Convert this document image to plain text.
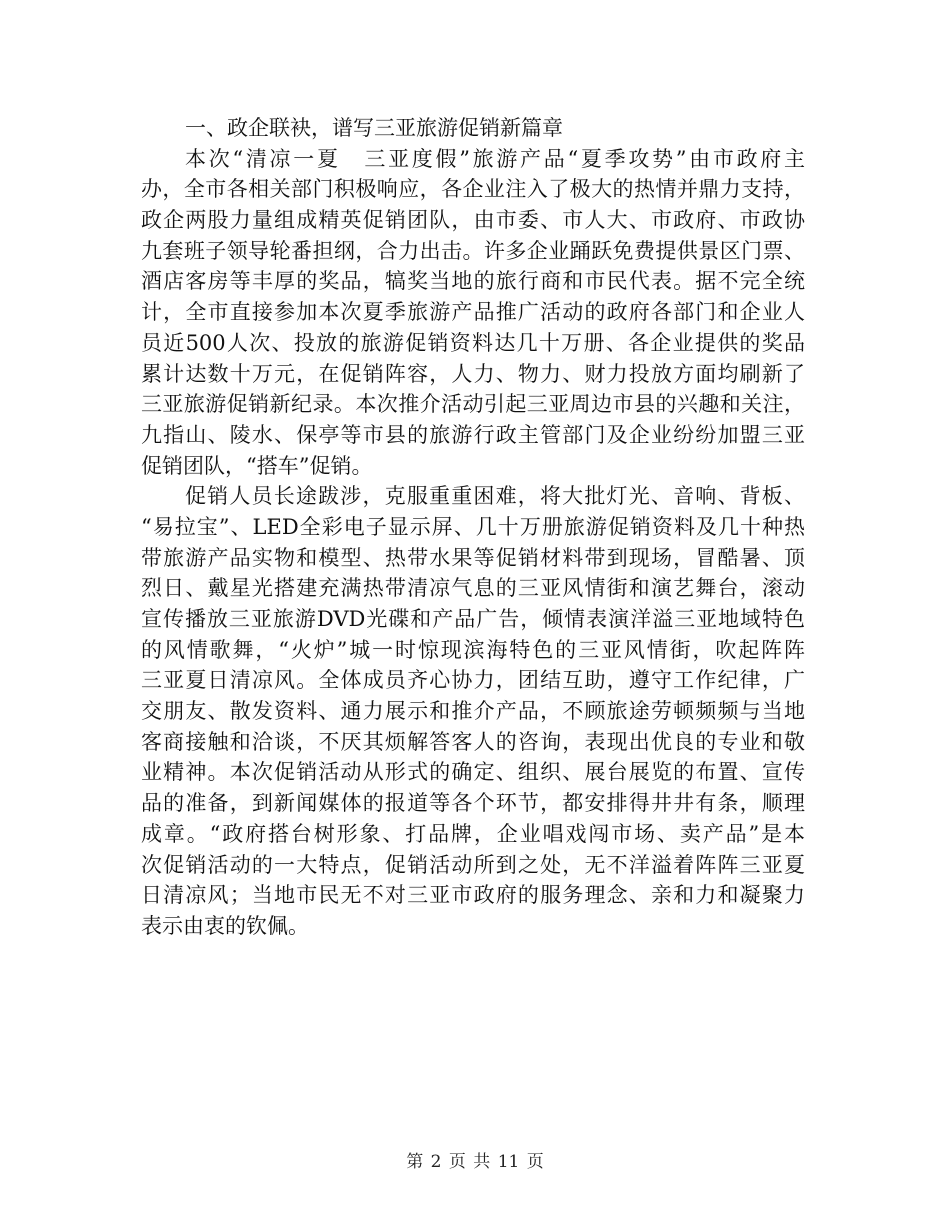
一、政企联袂，谱写三亚旅游促销新篇章
本次“清凉一夏　三亚度假”旅游产品“夏季攻势”由市政府主
办，全市各相关部门积极响应，各企业注入了极大的热情并鼎力支持，
政企两股力量组成精英促销团队，由市委、市人大、市政府、市政协
九套班子领导轮番担纲，合力出击。许多企业踊跃免费提供景区门票、
酒店客房等丰厚的奖品，犒奖当地的旅行商和市民代表。据不完全统
计，全市直接参加本次夏季旅游产品推广活动的政府各部门和企业人
员近500人次、投放的旅游促销资料达几十万册、各企业提供的奖品
累计达数十万元，在促销阵容，人力、物力、财力投放方面均刷新了
三亚旅游促销新纪录。本次推介活动引起三亚周边市县的兴趣和关注，
九指山、陵水、保亭等市县的旅游行政主管部门及企业纷纷加盟三亚
促销团队，“搭车”促销。
促销人员长途跋涉，克服重重困难，将大批灯光、音响、背板、
“易拉宝”、LED全彩电子显示屏、几十万册旅游促销资料及几十种热
带旅游产品实物和模型、热带水果等促销材料带到现场，冒酷暑、顶
烈日、戴星光搭建充满热带清凉气息的三亚风情街和演艺舞台，滚动
宣传播放三亚旅游DVD光碟和产品广告，倾情表演洋溢三亚地域特色
的风情歌舞，“火炉”城一时惊现滨海特色的三亚风情街，吹起阵阵
三亚夏日清凉风。全体成员齐心协力，团结互助，遵守工作纪律，广
交朋友、散发资料、通力展示和推介产品，不顾旅途劳顿频频与当地
客商接触和洽谈，不厌其烦解答客人的咨询，表现出优良的专业和敬
业精神。本次促销活动从形式的确定、组织、展台展览的布置、宣传
品的准备，到新闻媒体的报道等各个环节，都安排得井井有条，顺理
成章。“政府搭台树形象、打品牌，企业唱戏闯市场、卖产品”是本
次促销活动的一大特点，促销活动所到之处，无不洋溢着阵阵三亚夏
日清凉风；当地市民无不对三亚市政府的服务理念、亲和力和凝聚力
表示由衷的钦佩。
第 2 页 共 11 页
